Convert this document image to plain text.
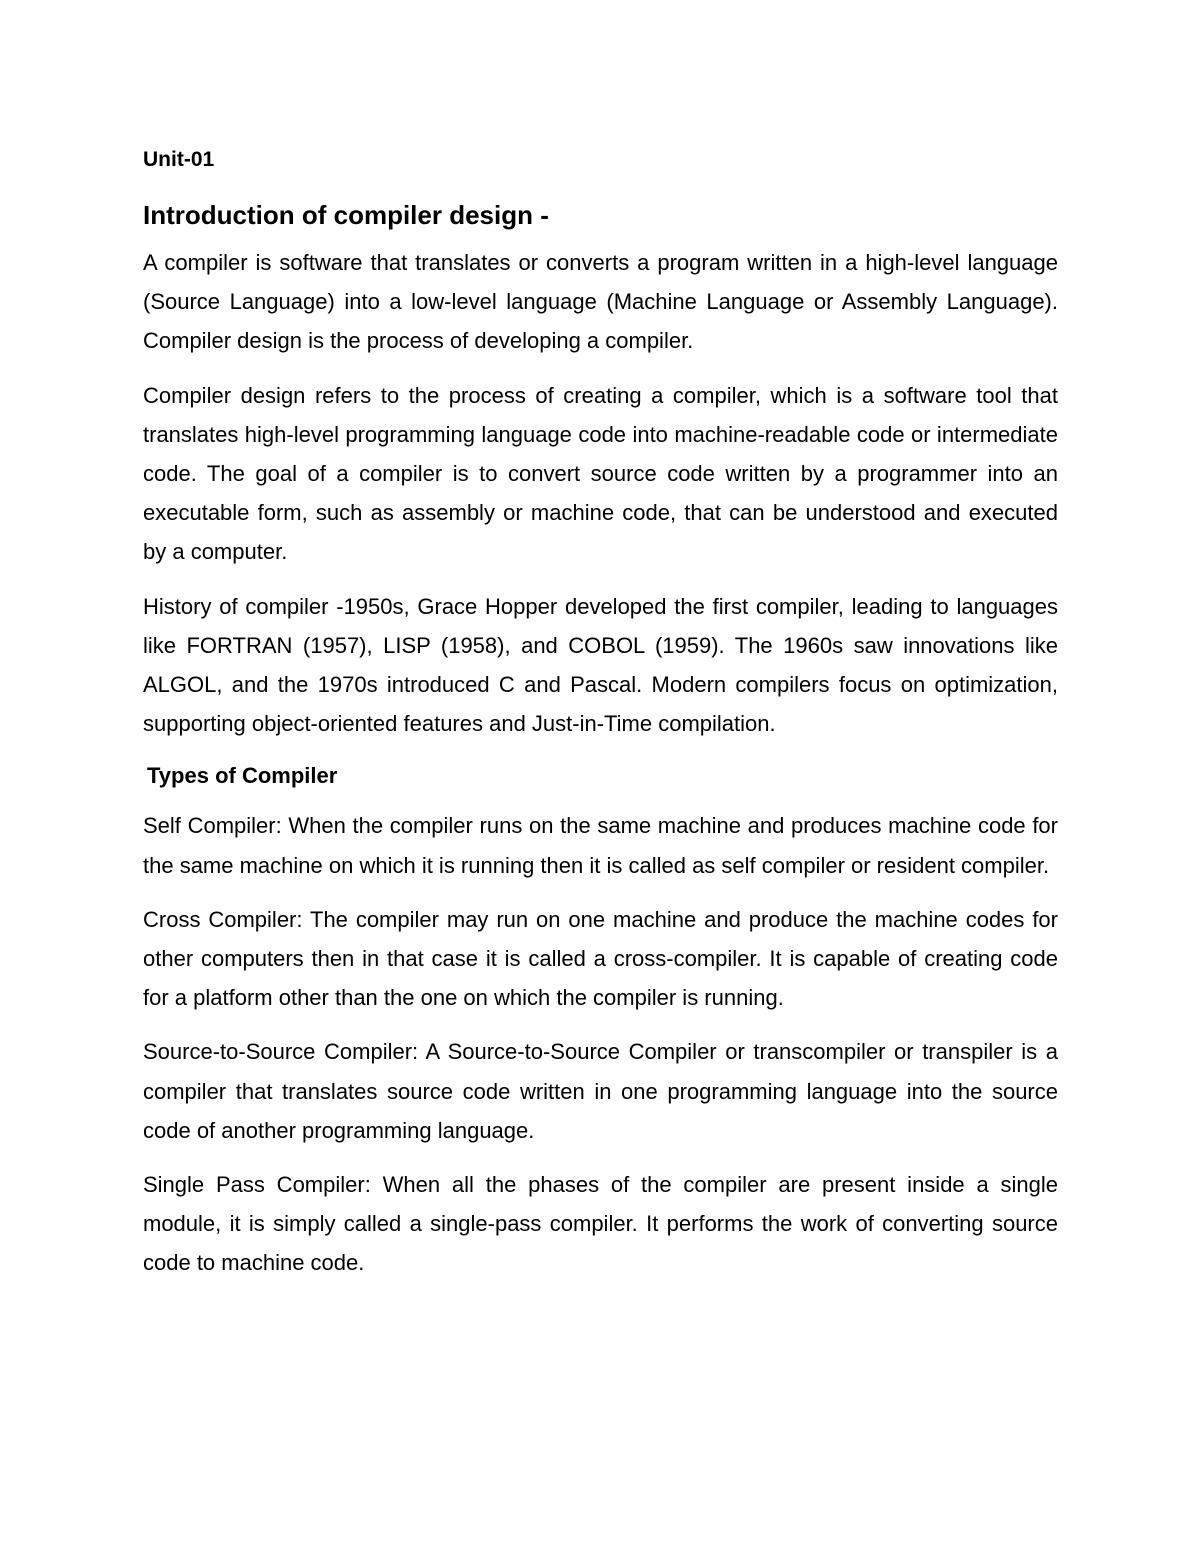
Unit-01
Introduction of compiler design -

A compiler is software that translates or converts a program written in a high-level language (Source Language) into a low-level language (Machine Language or Assembly Language). Compiler design is the process of developing a compiler.

Compiler design refers to the process of creating a compiler, which is a software tool that translates high-level programming language code into machine-readable code or intermediate code. The goal of a compiler is to convert source code written by a programmer into an executable form, such as assembly or machine code, that can be understood and executed by a computer.

History of compiler -1950s, Grace Hopper developed the first compiler, leading to languages like FORTRAN (1957), LISP (1958), and COBOL (1959). The 1960s saw innovations like ALGOL, and the 1970s introduced C and Pascal. Modern compilers focus on optimization, supporting object-oriented features and Just-in-Time compilation.

Types of Compiler

Self Compiler: When the compiler runs on the same machine and produces machine code for the same machine on which it is running then it is called as self compiler or resident compiler.

Cross Compiler: The compiler may run on one machine and produce the machine codes for other computers then in that case it is called a cross-compiler. It is capable of creating code for a platform other than the one on which the compiler is running.

Source-to-Source Compiler: A Source-to-Source Compiler or transcompiler or transpiler is a compiler that translates source code written in one programming language into the source code of another programming language.

Single Pass Compiler: When all the phases of the compiler are present inside a single module, it is simply called a single-pass compiler. It performs the work of converting source code to machine code.
